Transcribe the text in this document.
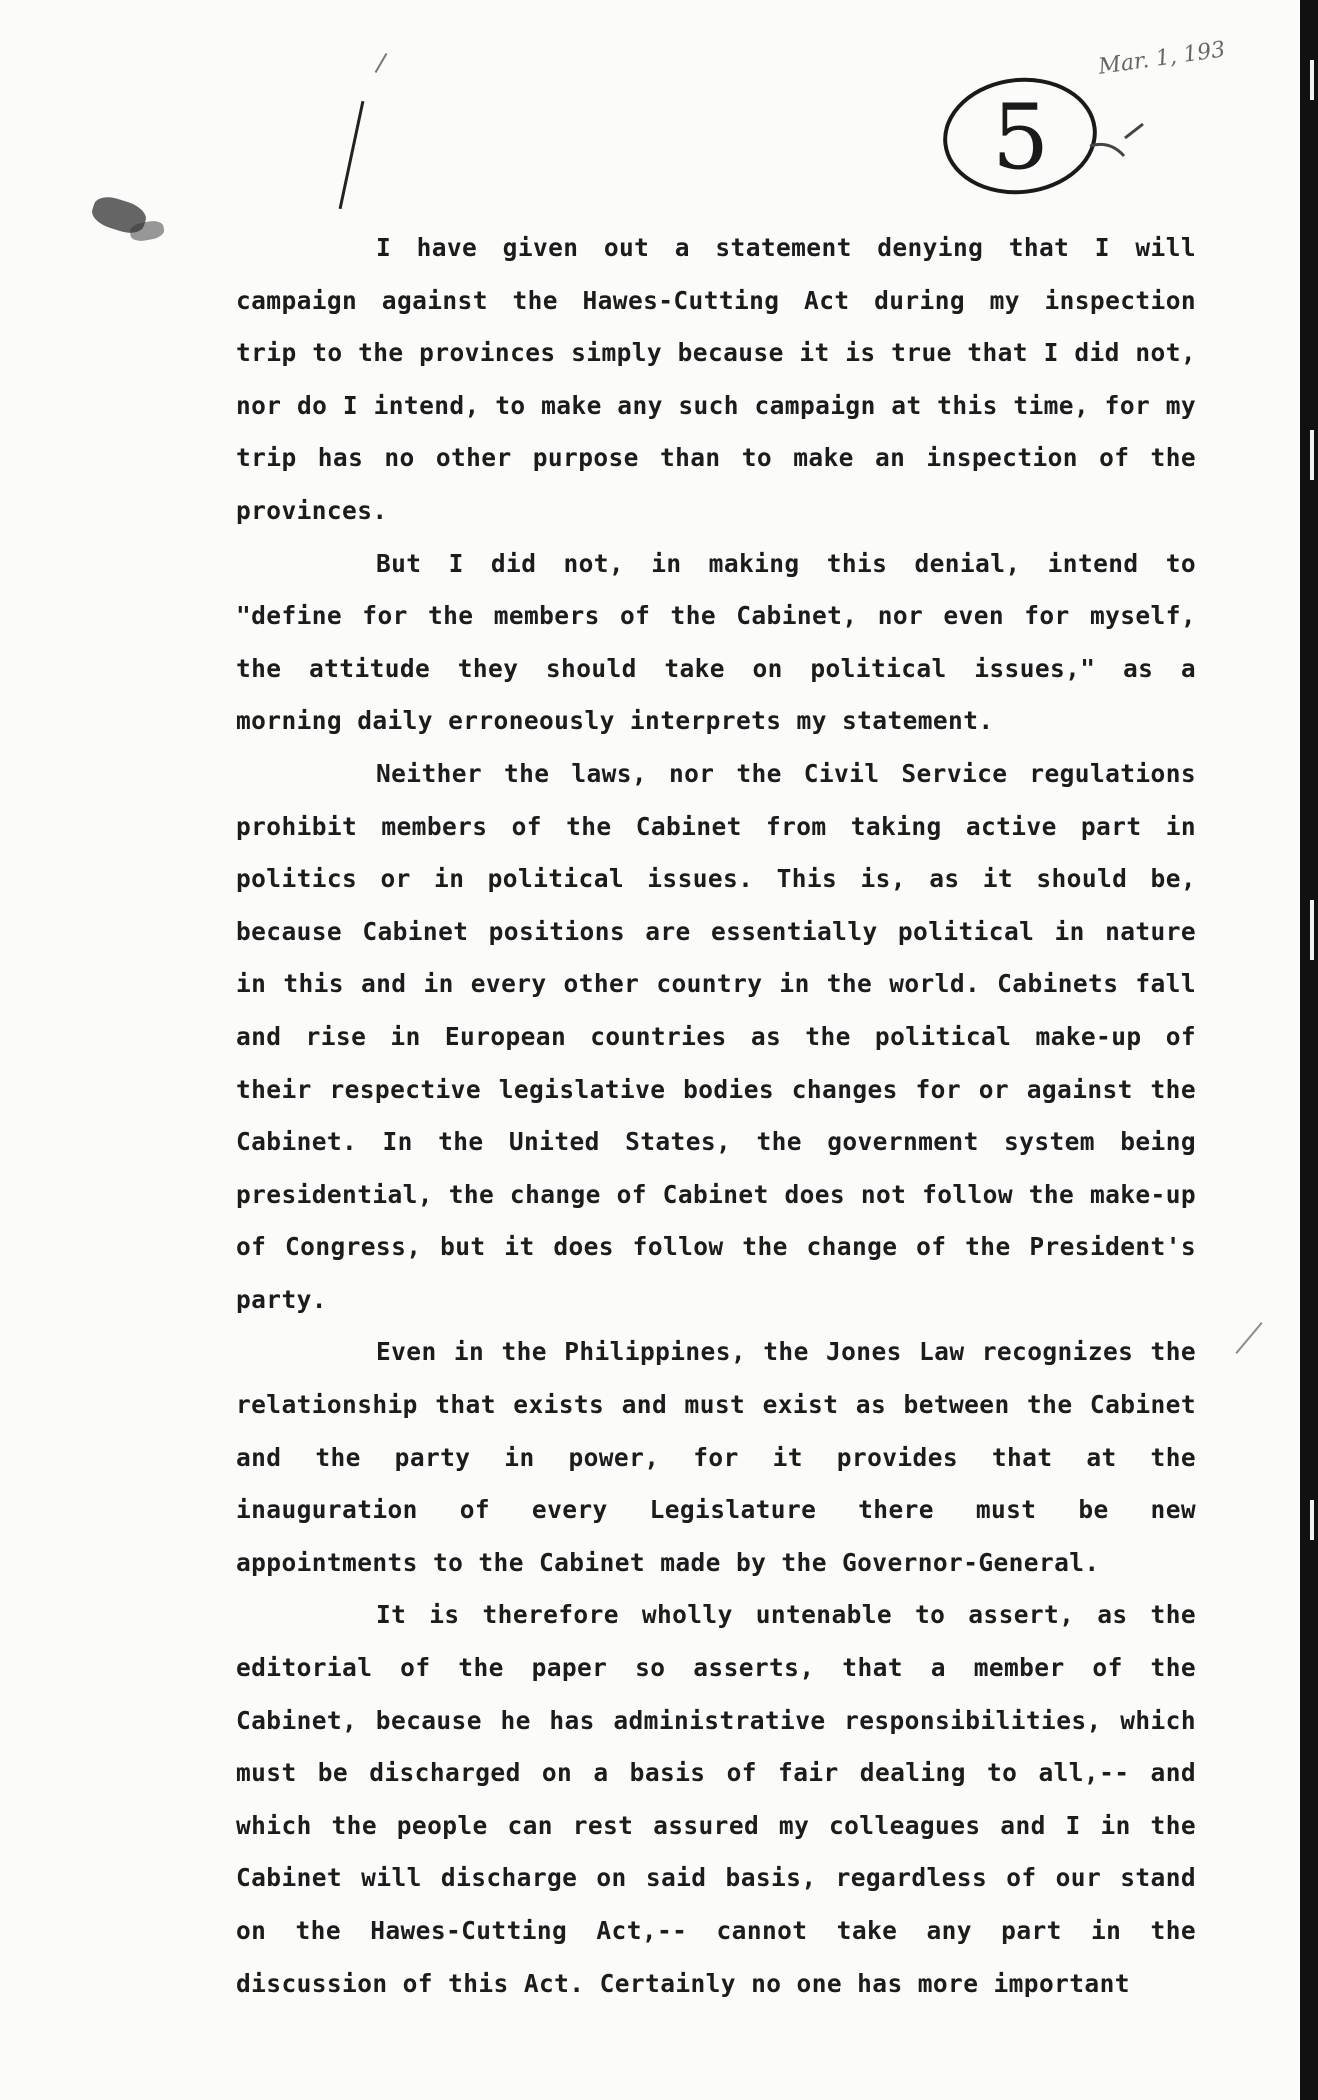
5
Mar. 1, 193

I have given out a statement denying that I will campaign against the Hawes-Cutting Act during my inspection trip to the provinces simply because it is true that I did not, nor do I intend, to make any such campaign at this time, for my trip has no other purpose than to make an inspection of the provinces.

But I did not, in making this denial, intend to "define for the members of the Cabinet, nor even for myself, the attitude they should take on political issues," as a morning daily erroneously interprets my statement.

Neither the laws, nor the Civil Service regulations prohibit members of the Cabinet from taking active part in politics or in political issues. This is, as it should be, because Cabinet positions are essentially political in nature in this and in every other country in the world. Cabinets fall and rise in European countries as the political make-up of their respective legislative bodies changes for or against the Cabinet. In the United States, the government system being presidential, the change of Cabinet does not follow the make-up of Congress, but it does follow the change of the President's party.

Even in the Philippines, the Jones Law recognizes the relationship that exists and must exist as between the Cabinet and the party in power, for it provides that at the inauguration of every Legislature there must be new appointments to the Cabinet made by the Governor-General.

It is therefore wholly untenable to assert, as the editorial of the paper so asserts, that a member of the Cabinet, because he has administrative responsibilities, which must be discharged on a basis of fair dealing to all,-- and which the people can rest assured my colleagues and I in the Cabinet will discharge on said basis, regardless of our stand on the Hawes-Cutting Act,-- cannot take any part in the discussion of this Act. Certainly no one has more important
